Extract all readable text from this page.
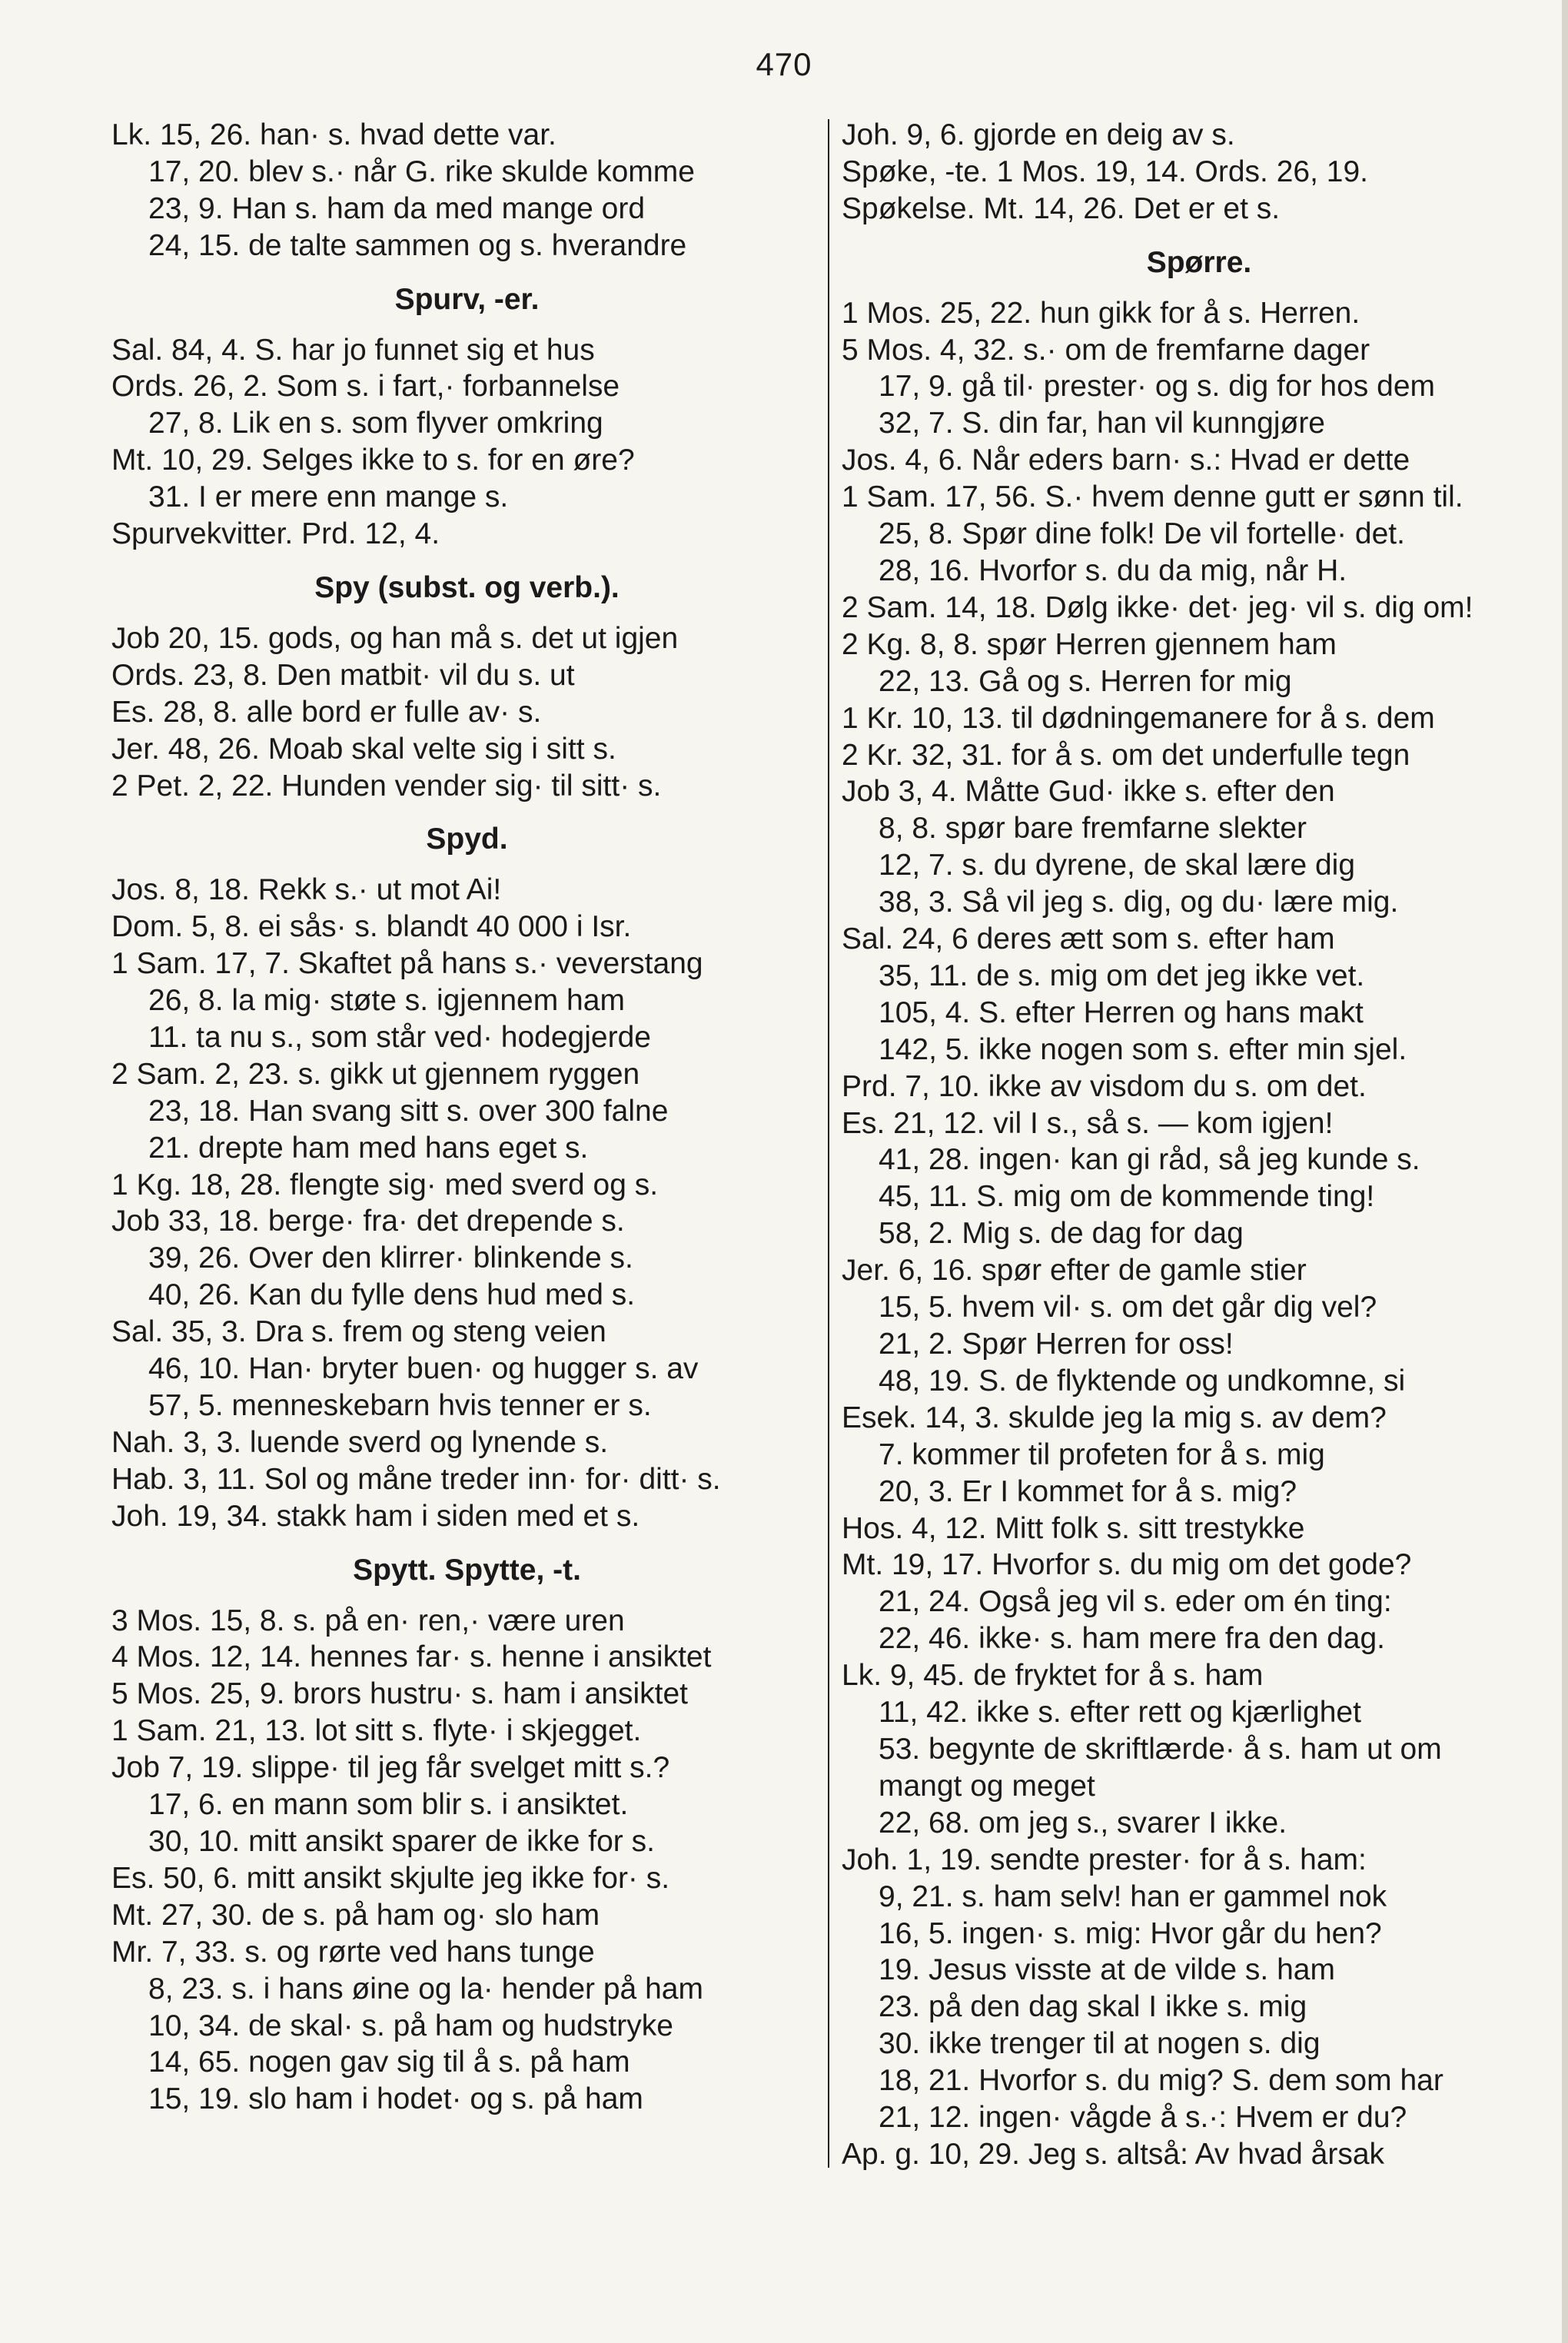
470
Lk. 15, 26. han· s. hvad dette var.
17, 20. blev s.· når G. rike skulde komme
23, 9. Han s. ham da med mange ord
24, 15. de talte sammen og s. hverandre
Spurv, -er.
Sal. 84, 4. S. har jo funnet sig et hus
Ords. 26, 2. Som s. i fart,· forbannelse
27, 8. Lik en s. som flyver omkring
Mt. 10, 29. Selges ikke to s. for en øre?
31. I er mere enn mange s.
Spurvekvitter. Prd. 12, 4.
Spy (subst. og verb.).
Job 20, 15. gods, og han må s. det ut igjen
Ords. 23, 8. Den matbit· vil du s. ut
Es. 28, 8. alle bord er fulle av· s.
Jer. 48, 26. Moab skal velte sig i sitt s.
2 Pet. 2, 22. Hunden vender sig· til sitt· s.
Spyd.
Jos. 8, 18. Rekk s.· ut mot Ai!
Dom. 5, 8. ei sås· s. blandt 40 000 i Isr.
1 Sam. 17, 7. Skaftet på hans s.· veverstang
26, 8. la mig· støte s. igjennem ham
11. ta nu s., som står ved· hodegjerde
2 Sam. 2, 23. s. gikk ut gjennem ryggen
23, 18. Han svang sitt s. over 300 falne
21. drepte ham med hans eget s.
1 Kg. 18, 28. flengte sig· med sverd og s.
Job 33, 18. berge· fra· det drepende s.
39, 26. Over den klirrer· blinkende s.
40, 26. Kan du fylle dens hud med s.
Sal. 35, 3. Dra s. frem og steng veien
46, 10. Han· bryter buen· og hugger s. av
57, 5. menneskebarn hvis tenner er s.
Nah. 3, 3. luende sverd og lynende s.
Hab. 3, 11. Sol og måne treder inn· for· ditt· s.
Joh. 19, 34. stakk ham i siden med et s.
Spytt. Spytte, -t.
3 Mos. 15, 8. s. på en· ren,· være uren
4 Mos. 12, 14. hennes far· s. henne i ansiktet
5 Mos. 25, 9. brors hustru· s. ham i ansiktet
1 Sam. 21, 13. lot sitt s. flyte· i skjegget.
Job 7, 19. slippe· til jeg får svelget mitt s.?
17, 6. en mann som blir s. i ansiktet.
30, 10. mitt ansikt sparer de ikke for s.
Es. 50, 6. mitt ansikt skjulte jeg ikke for· s.
Mt. 27, 30. de s. på ham og· slo ham
Mr. 7, 33. s. og rørte ved hans tunge
8, 23. s. i hans øine og la· hender på ham
10, 34. de skal· s. på ham og hudstryke
14, 65. nogen gav sig til å s. på ham
15, 19. slo ham i hodet· og s. på ham
Joh. 9, 6. gjorde en deig av s.
Spøke, -te. 1 Mos. 19, 14. Ords. 26, 19.
Spøkelse. Mt. 14, 26. Det er et s.
Spørre.
1 Mos. 25, 22. hun gikk for å s. Herren.
5 Mos. 4, 32. s.· om de fremfarne dager
17, 9. gå til· prester· og s. dig for hos dem
32, 7. S. din far, han vil kunngjøre
Jos. 4, 6. Når eders barn· s.: Hvad er dette
1 Sam. 17, 56. S.· hvem denne gutt er sønn til.
25, 8. Spør dine folk! De vil fortelle· det.
28, 16. Hvorfor s. du da mig, når H.
2 Sam. 14, 18. Dølg ikke· det· jeg· vil s. dig om!
2 Kg. 8, 8. spør Herren gjennem ham
22, 13. Gå og s. Herren for mig
1 Kr. 10, 13. til dødningemanere for å s. dem
2 Kr. 32, 31. for å s. om det underfulle tegn
Job 3, 4. Måtte Gud· ikke s. efter den
8, 8. spør bare fremfarne slekter
12, 7. s. du dyrene, de skal lære dig
38, 3. Så vil jeg s. dig, og du· lære mig.
Sal. 24, 6 deres ætt som s. efter ham
35, 11. de s. mig om det jeg ikke vet.
105, 4. S. efter Herren og hans makt
142, 5. ikke nogen som s. efter min sjel.
Prd. 7, 10. ikke av visdom du s. om det.
Es. 21, 12. vil I s., så s. — kom igjen!
41, 28. ingen· kan gi råd, så jeg kunde s.
45, 11. S. mig om de kommende ting!
58, 2. Mig s. de dag for dag
Jer. 6, 16. spør efter de gamle stier
15, 5. hvem vil· s. om det går dig vel?
21, 2. Spør Herren for oss!
48, 19. S. de flyktende og undkomne, si
Esek. 14, 3. skulde jeg la mig s. av dem?
7. kommer til profeten for å s. mig
20, 3. Er I kommet for å s. mig?
Hos. 4, 12. Mitt folk s. sitt trestykke
Mt. 19, 17. Hvorfor s. du mig om det gode?
21, 24. Også jeg vil s. eder om én ting:
22, 46. ikke· s. ham mere fra den dag.
Lk. 9, 45. de fryktet for å s. ham
11, 42. ikke s. efter rett og kjærlighet
53. begynte de skriftlærde· å s. ham ut om
mangt og meget
22, 68. om jeg s., svarer I ikke.
Joh. 1, 19. sendte prester· for å s. ham:
9, 21. s. ham selv! han er gammel nok
16, 5. ingen· s. mig: Hvor går du hen?
19. Jesus visste at de vilde s. ham
23. på den dag skal I ikke s. mig
30. ikke trenger til at nogen s. dig
18, 21. Hvorfor s. du mig? S. dem som har
21, 12. ingen· vågde å s.·: Hvem er du?
Ap. g. 10, 29. Jeg s. altså: Av hvad årsak
